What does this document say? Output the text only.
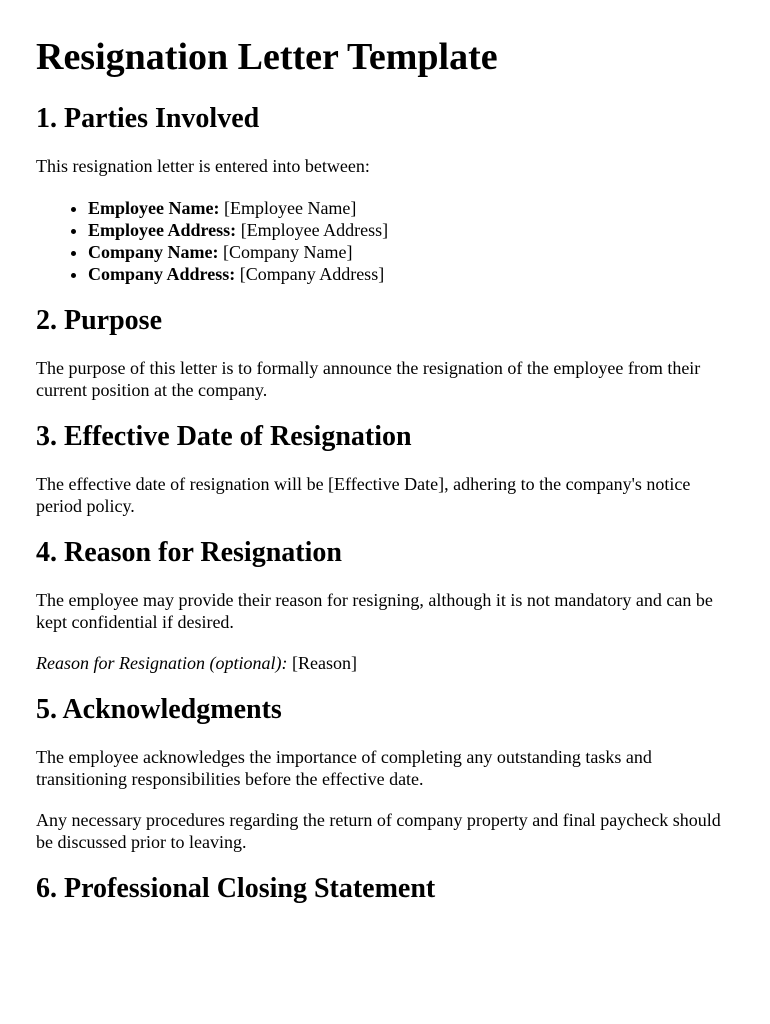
Resignation Letter Template
1. Parties Involved

This resignation letter is entered into between:

• Employee Name: [Employee Name]
• Employee Address: [Employee Address]
• Company Name: [Company Name]
• Company Address: [Company Address]
2. Purpose

The purpose of this letter is to formally announce the resignation of the employee from their current position at the company.

3. Effective Date of Resignation

The effective date of resignation will be [Effective Date], adhering to the company's notice period policy.

4. Reason for Resignation

The employee may provide their reason for resigning, although it is not mandatory and can be kept confidential if desired.

Reason for Resignation (optional): [Reason]

5. Acknowledgments

The employee acknowledges the importance of completing any outstanding tasks and transitioning responsibilities before the effective date.

Any necessary procedures regarding the return of company property and final paycheck should be discussed prior to leaving.

6. Professional Closing Statement
